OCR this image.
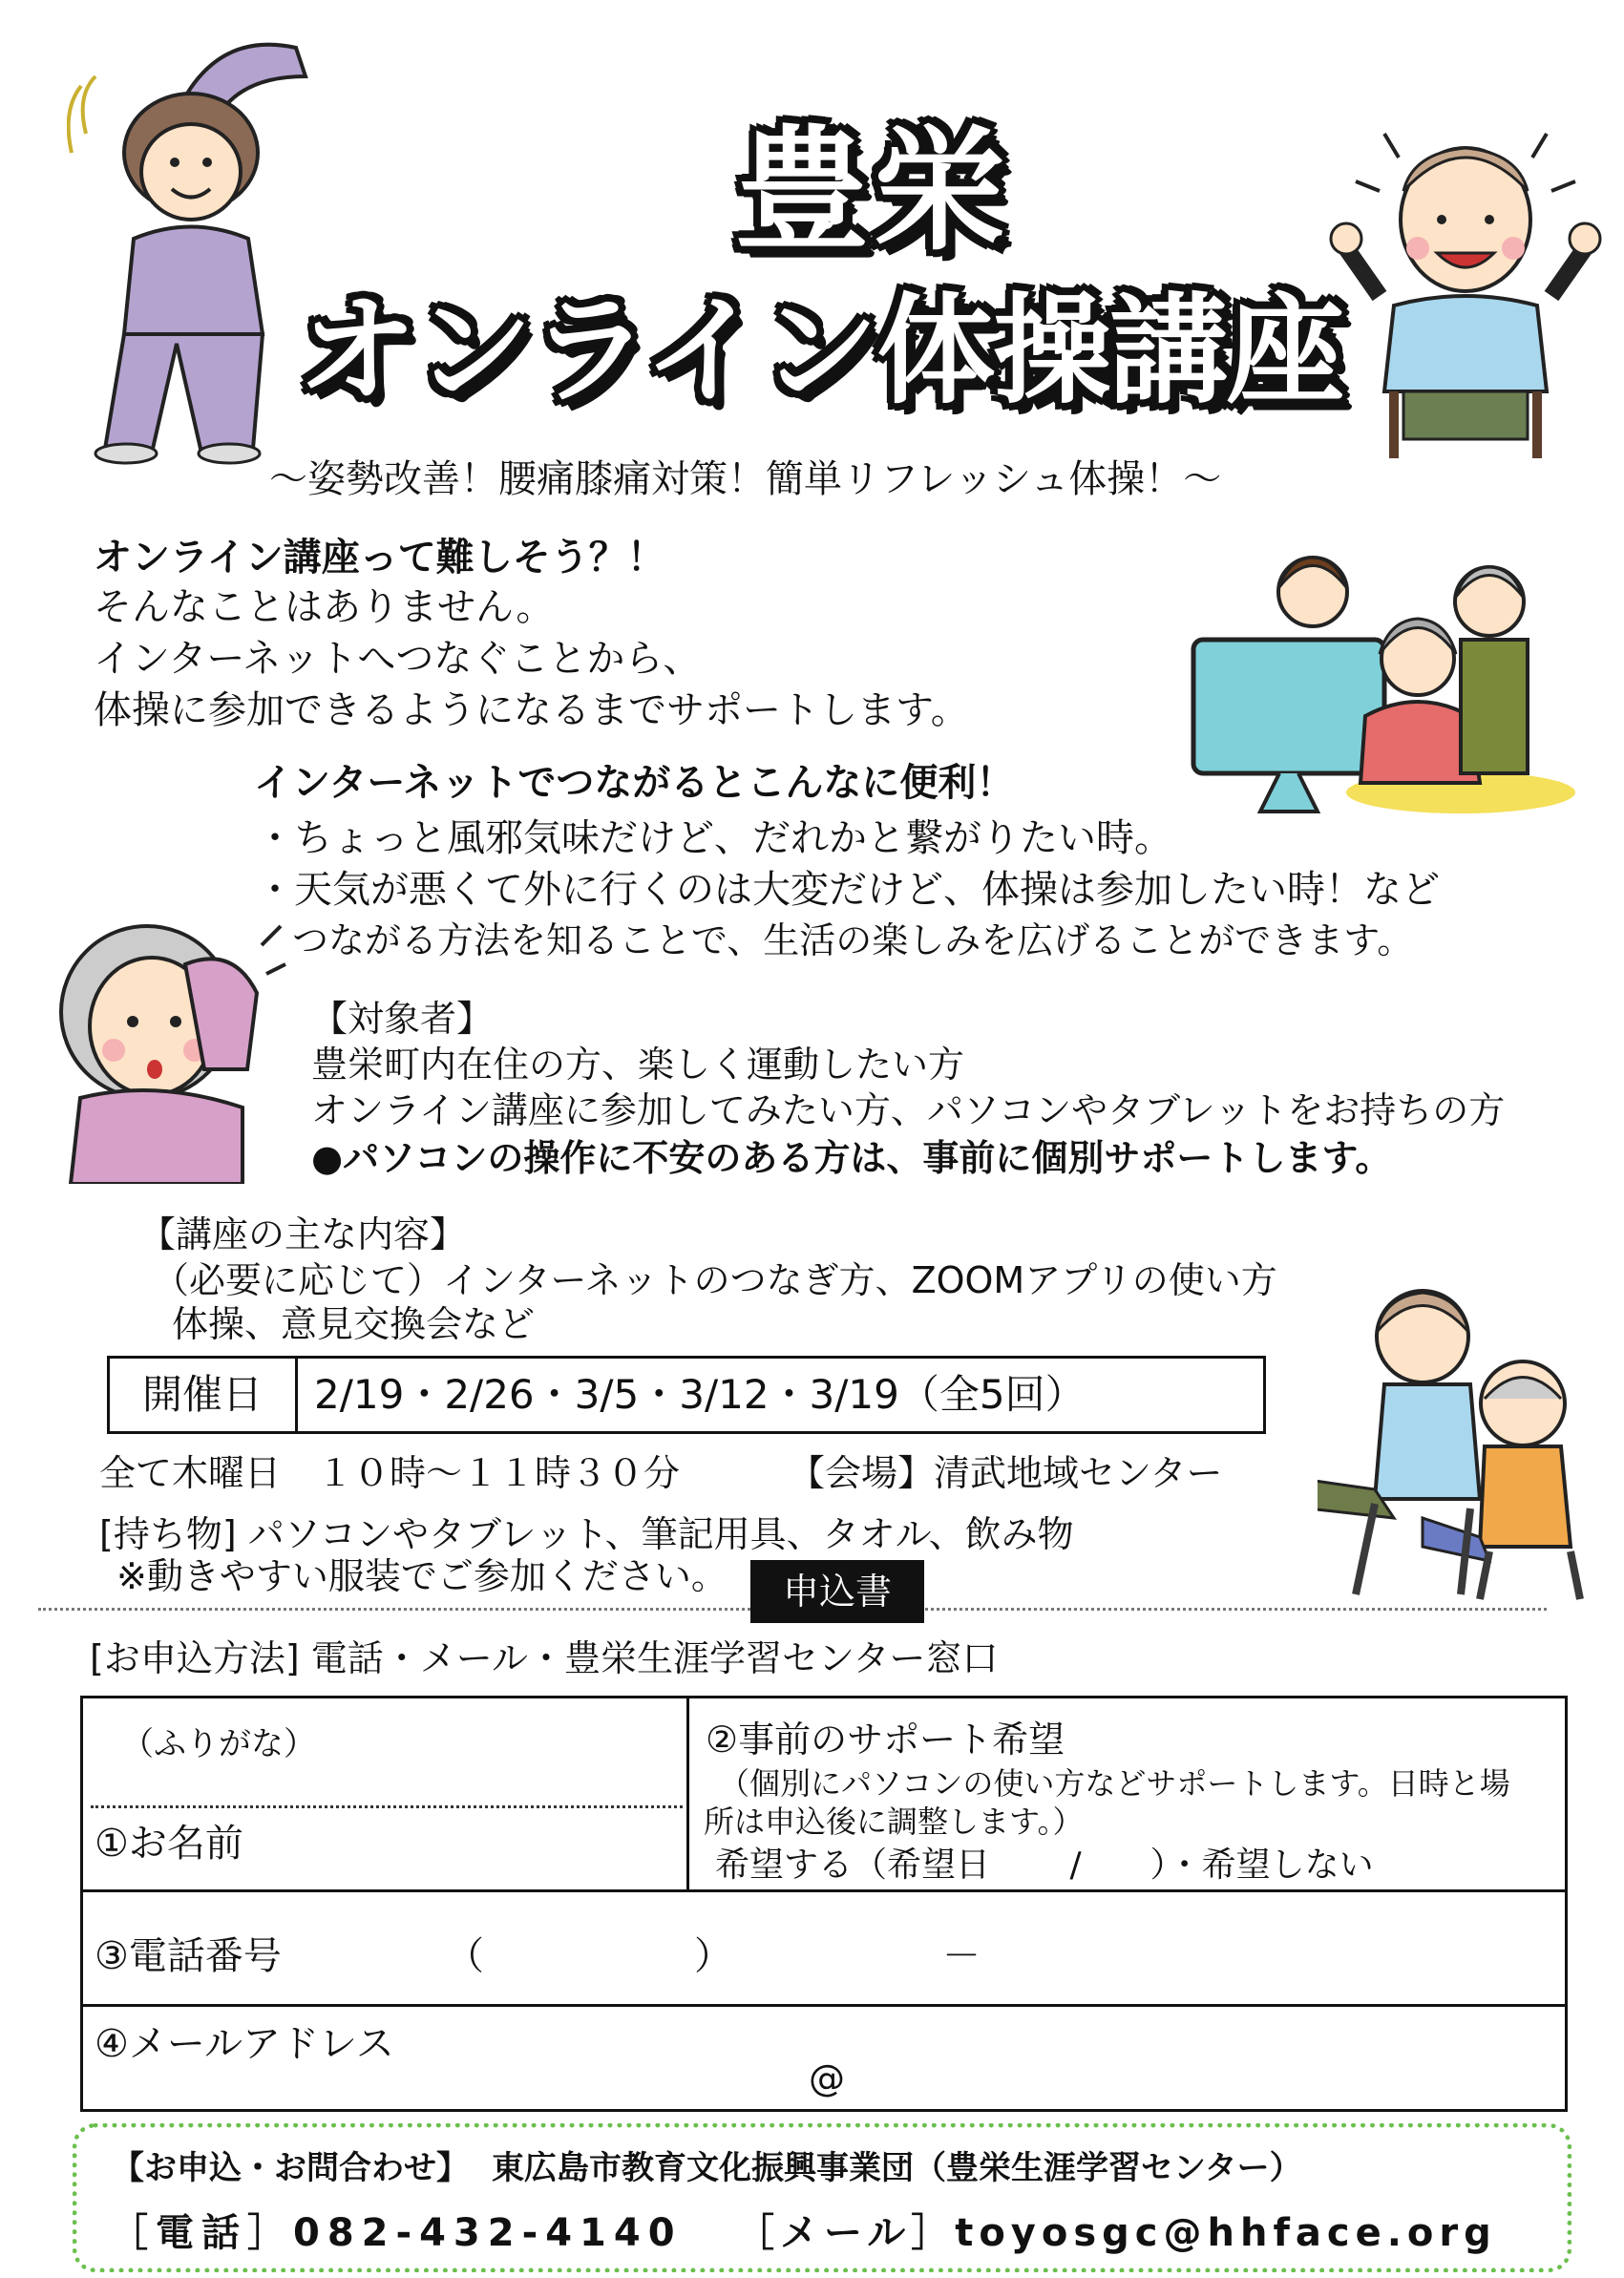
豊栄
オンライン体操講座
～姿勢改善！腰痛膝痛対策！簡単リフレッシュ体操！～
オンライン講座って難しそう？！
そんなことはありません。
インターネットへつなぐことから、
体操に参加できるようになるまでサポートします。
インターネットでつながるとこんなに便利！
・ちょっと風邪気味だけど、だれかと繋がりたい時。
・天気が悪くて外に行くのは大変だけど、体操は参加したい時！など
つながる方法を知ることで、生活の楽しみを広げることができます。
【対象者】
豊栄町内在住の方、楽しく運動したい方
オンライン講座に参加してみたい方、パソコンやタブレットをお持ちの方
●パソコンの操作に不安のある方は、事前に個別サポートします。
【講座の主な内容】
（必要に応じて）インターネットのつなぎ方、ZOOMアプリの使い方
体操、意見交換会など
開催日	2/19・2/26・3/5・3/12・3/19（全5回）
全て木曜日　１０時～１１時３０分	【会場】清武地域センター
[持ち物] パソコンやタブレット、筆記用具、タオル、飲み物
※動きやすい服装でご参加ください。	申込書
[お申込方法] 電話・メール・豊栄生涯学習センター窓口
（ふりがな）
①お名前
②事前のサポート希望
（個別にパソコンの使い方などサポートします。日時と場
所は申込後に調整します。）
希望する（希望日　　 /　　）・希望しない
③電話番号	（	）	－
④メールアドレス
@
【お申込・お問合わせ】 東広島市教育文化振興事業団（豊栄生涯学習センター）
［電話］082-432-4140 ［メール］toyosgc@hhface.org
